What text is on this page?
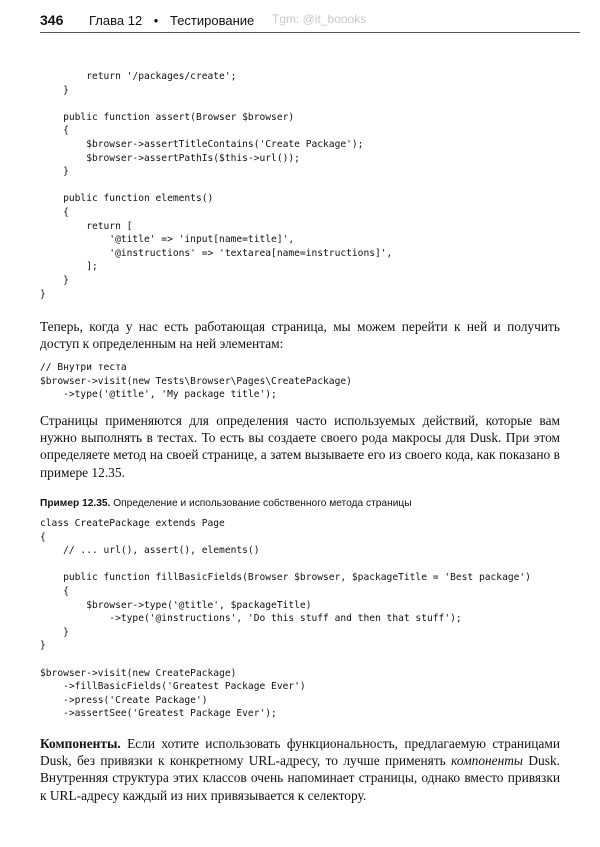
346 Глава 12 • Тестирование Tgm: @it_boooks
return '/packages/create';
}

public function assert(Browser $browser)
{
$browser->assertTitleContains('Create Package');
$browser->assertPathIs($this->url());
}

public function elements()
{
return [
'@title' => 'input[name=title]',
'@instructions' => 'textarea[name=instructions]',
];
}
}

Теперь, когда у нас есть работающая страница, мы можем перейти к ней и получить доступ к определенным на ней элементам:

// Внутри теста
$browser->visit(new Tests\Browser\Pages\CreatePackage)
->type('@title', 'My package title');

Страницы применяются для определения часто используемых действий, которые вам нужно выполнять в тестах. То есть вы создаете своего рода макросы для Dusk. При этом определяете метод на своей странице, а затем вызываете его из своего кода, как показано в примере 12.35.

Пример 12.35. Определение и использование собственного метода страницы
class CreatePackage extends Page
{
// ... url(), assert(), elements()

public function fillBasicFields(Browser $browser, $packageTitle = 'Best package')
{
$browser->type('@title', $packageTitle)
->type('@instructions', 'Do this stuff and then that stuff');
}
}

$browser->visit(new CreatePackage)
->fillBasicFields('Greatest Package Ever')
->press('Create Package')
->assertSee('Greatest Package Ever');

Компоненты. Если хотите использовать функциональность, предлагаемую страницами Dusk, без привязки к конкретному URL-адресу, то лучше применять компоненты Dusk. Внутренняя структура этих классов очень напоминает страницы, однако вместо привязки к URL-адресу каждый из них привязывается к селектору.
